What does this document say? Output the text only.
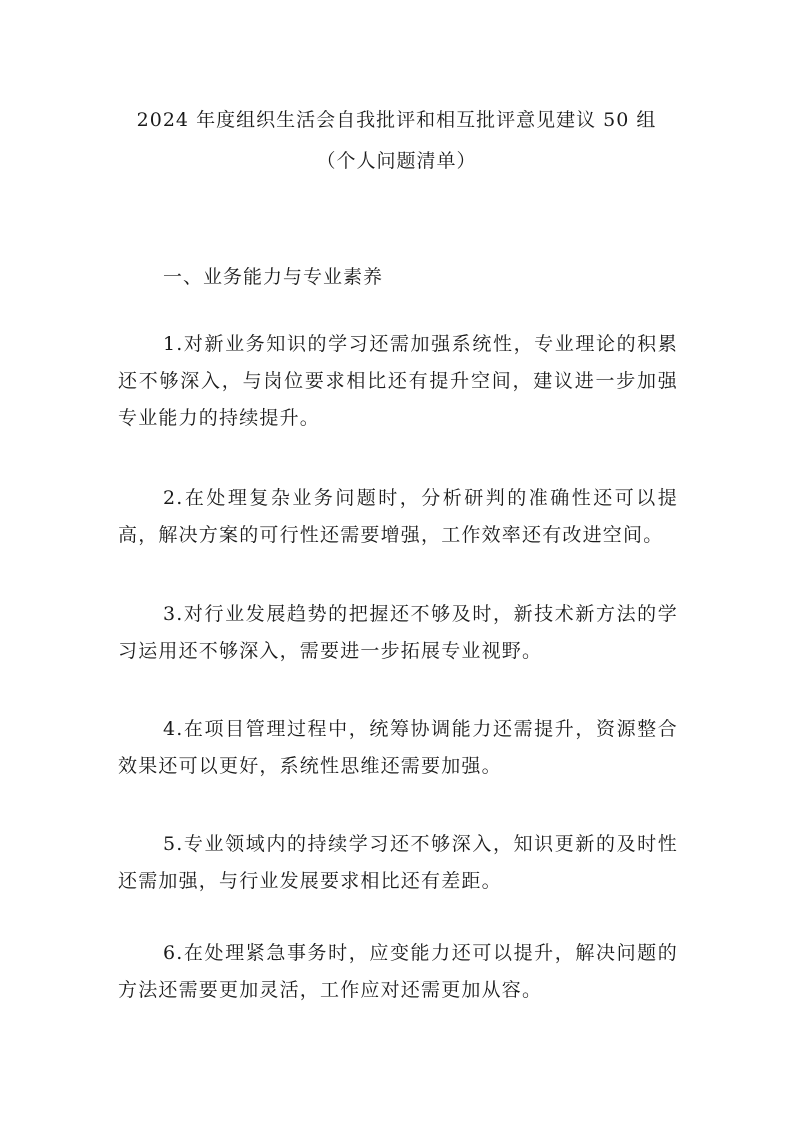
2024 年度组织生活会自我批评和相互批评意见建议 50 组
（个人问题清单）
一、业务能力与专业素养

1.对新业务知识的学习还需加强系统性，专业理论的积累还不够深入，与岗位要求相比还有提升空间，建议进一步加强专业能力的持续提升。

2.在处理复杂业务问题时，分析研判的准确性还可以提高，解决方案的可行性还需要增强，工作效率还有改进空间。

3.对行业发展趋势的把握还不够及时，新技术新方法的学习运用还不够深入，需要进一步拓展专业视野。

4.在项目管理过程中，统筹协调能力还需提升，资源整合效果还可以更好，系统性思维还需要加强。

5.专业领域内的持续学习还不够深入，知识更新的及时性还需加强，与行业发展要求相比还有差距。

6.在处理紧急事务时，应变能力还可以提升，解决问题的方法还需要更加灵活，工作应对还需更加从容。
